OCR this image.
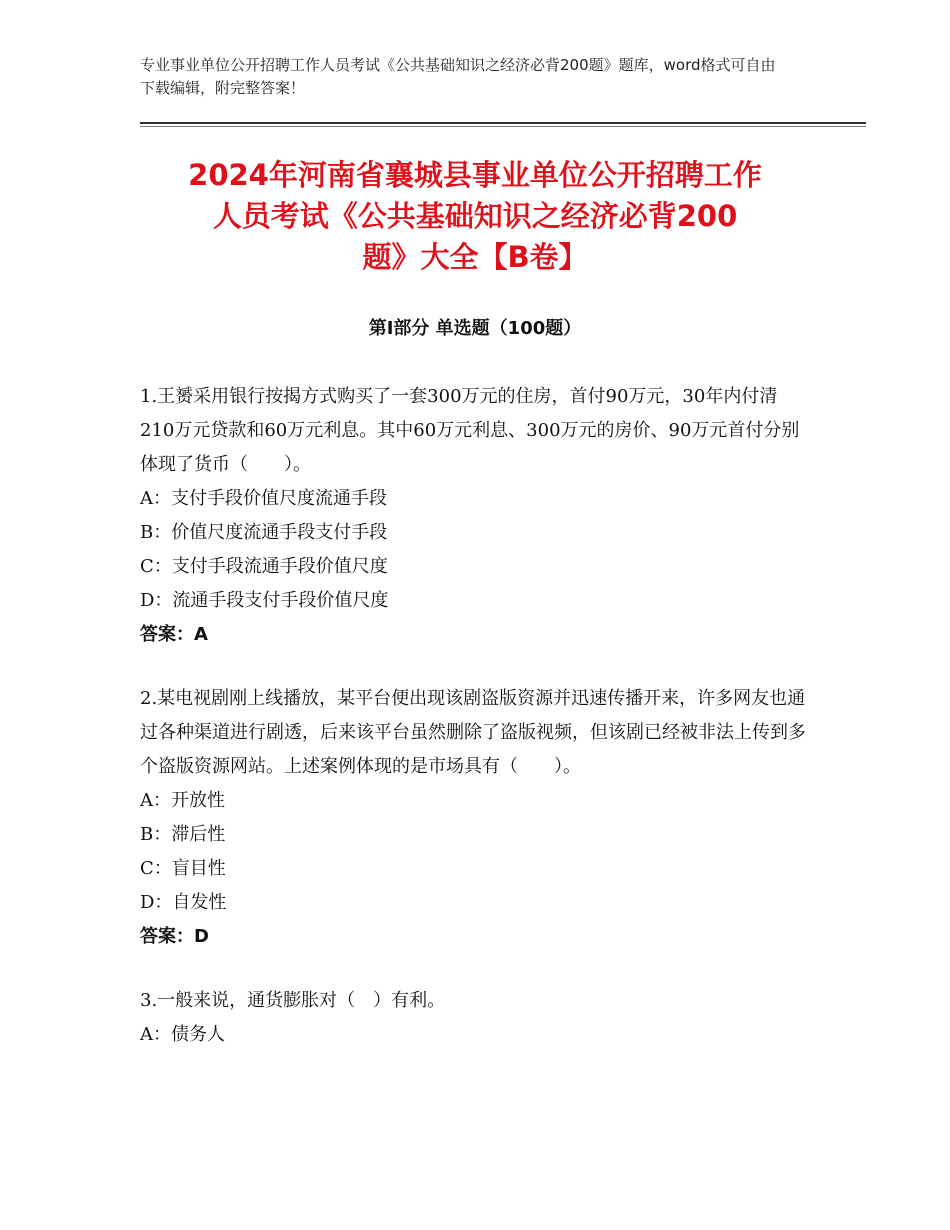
专业事业单位公开招聘工作人员考试《公共基础知识之经济必背200题》题库，word格式可自由下载编辑，附完整答案！
2024年河南省襄城县事业单位公开招聘工作
人员考试《公共基础知识之经济必背200
题》大全【B卷】
第I部分 单选题（100题）
1.王赟采用银行按揭方式购买了一套300万元的住房，首付90万元，30年内付清210万元贷款和60万元利息。其中60万元利息、300万元的房价、90万元首付分别体现了货币（　　）。
A：支付手段价值尺度流通手段
B：价值尺度流通手段支付手段
C：支付手段流通手段价值尺度
D：流通手段支付手段价值尺度
答案：A
2.某电视剧刚上线播放，某平台便出现该剧盗版资源并迅速传播开来，许多网友也通过各种渠道进行剧透，后来该平台虽然删除了盗版视频，但该剧已经被非法上传到多个盗版资源网站。上述案例体现的是市场具有（　　）。
A：开放性
B：滞后性
C：盲目性
D：自发性
答案：D
3.一般来说，通货膨胀对（　）有利。
A：债务人
